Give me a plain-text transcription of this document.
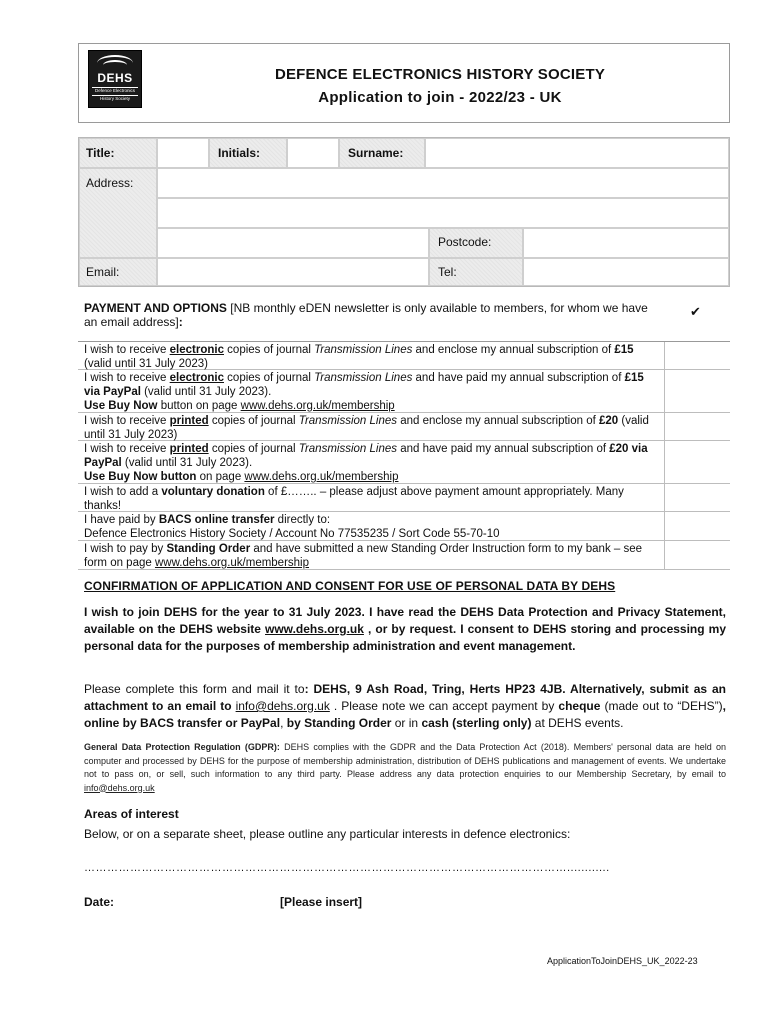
DEHS
Defence Electronics
History Society
DEFENCE ELECTRONICS HISTORY SOCIETY
Application to join - 2022/23 - UK
Title:	Initials:	Surname:
Address:
Postcode:
Email:	Tel:
PAYMENT AND OPTIONS [NB monthly eDEN newsletter is only available to members, for whom we have an email address]:
✔
I wish to receive electronic copies of journal Transmission Lines and enclose my annual subscription of £15 (valid until 31 July 2023)
I wish to receive electronic copies of journal Transmission Lines and have paid my annual subscription of £15 via PayPal (valid until 31 July 2023).
Use Buy Now button on page www.dehs.org.uk/membership
I wish to receive printed copies of journal Transmission Lines and enclose my annual subscription of £20 (valid until 31 July 2023)
I wish to receive printed copies of journal Transmission Lines and have paid my annual subscription of £20 via PayPal (valid until 31 July 2023).
Use Buy Now button on page www.dehs.org.uk/membership
I wish to add a voluntary donation of £…….. – please adjust above payment amount appropriately. Many thanks!
I have paid by BACS online transfer directly to:
Defence Electronics History Society / Account No 77535235 / Sort Code 55-70-10
I wish to pay by Standing Order and have submitted a new Standing Order Instruction form to my bank – see form on page www.dehs.org.uk/membership
CONFIRMATION OF APPLICATION AND CONSENT FOR USE OF PERSONAL DATA BY DEHS
I wish to join DEHS for the year to 31 July 2023. I have read the DEHS Data Protection and Privacy Statement, available on the DEHS website www.dehs.org.uk , or by request. I consent to DEHS storing and processing my personal data for the purposes of membership administration and event management.
Please complete this form and mail it to: DEHS, 9 Ash Road, Tring, Herts HP23 4JB. Alternatively, submit as an attachment to an email to info@dehs.org.uk . Please note we can accept payment by cheque (made out to “DEHS”), online by BACS transfer or PayPal, by Standing Order or in cash (sterling only) at DEHS events.
General Data Protection Regulation (GDPR): DEHS complies with the GDPR and the Data Protection Act (2018). Members' personal data are held on computer and processed by DEHS for the purpose of membership administration, distribution of DEHS publications and management of events. We undertake not to pass on, or sell, such information to any third party. Please address any data protection enquiries to our Membership Secretary, by email to info@dehs.org.uk
Areas of interest
Below, or on a separate sheet, please outline any particular interests in defence electronics:
………………………………………………………………………………………………………………............
Date:	[Please insert]
ApplicationToJoinDEHS_UK_2022-23
